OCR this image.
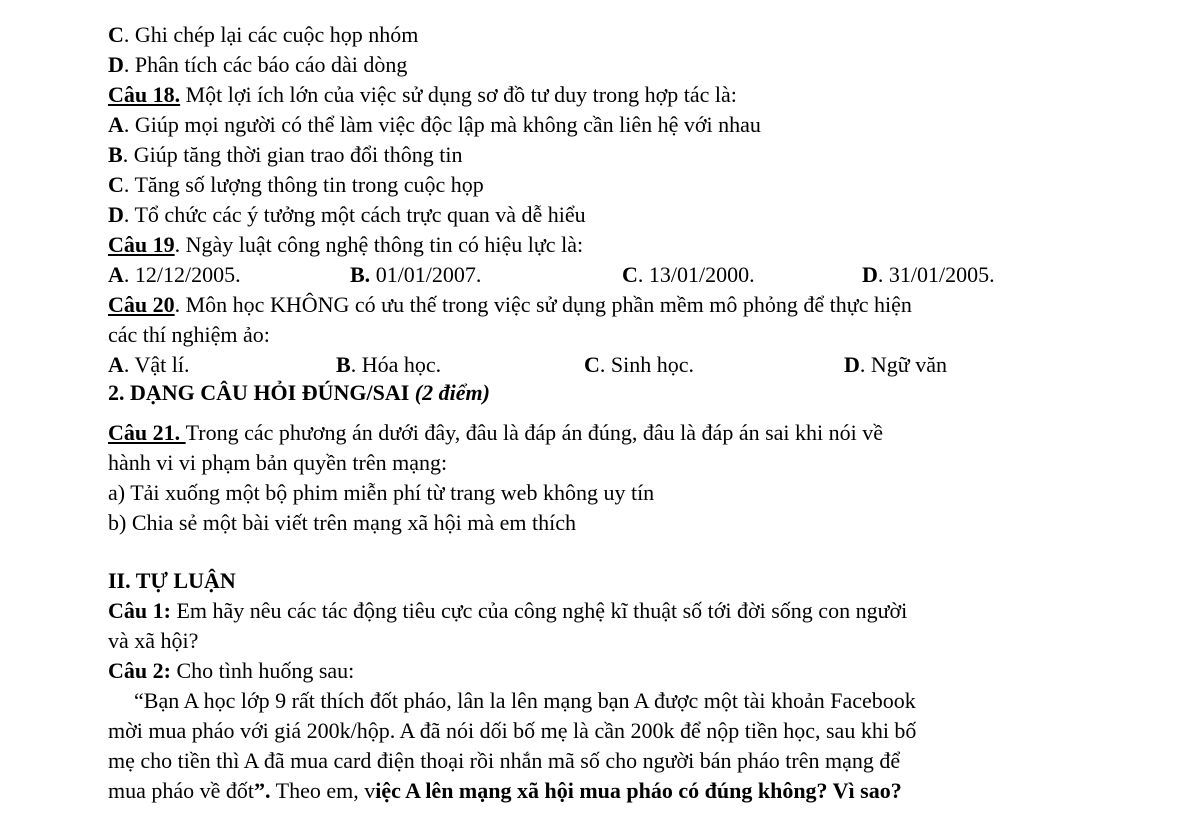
C. Ghi chép lại các cuộc họp nhóm
D. Phân tích các báo cáo dài dòng
Câu 18. Một lợi ích lớn của việc sử dụng sơ đồ tư duy trong hợp tác là:
A. Giúp mọi người có thể làm việc độc lập mà không cần liên hệ với nhau
B. Giúp tăng thời gian trao đổi thông tin
C. Tăng số lượng thông tin trong cuộc họp
D. Tổ chức các ý tưởng một cách trực quan và dễ hiểu
Câu 19. Ngày luật công nghệ thông tin có hiệu lực là:
A. 12/12/2005.	B. 01/01/2007.	C. 13/01/2000.	D. 31/01/2005.
Câu 20. Môn học KHÔNG có ưu thế trong việc sử dụng phần mềm mô phỏng để thực hiện
các thí nghiệm ảo:
A. Vật lí.	B. Hóa học.	C. Sinh học.	D. Ngữ văn
2. DẠNG CÂU HỎI ĐÚNG/SAI (2 điểm)
Câu 21. Trong các phương án dưới đây, đâu là đáp án đúng, đâu là đáp án sai khi nói về
hành vi vi phạm bản quyền trên mạng:
a) Tải xuống một bộ phim miễn phí từ trang web không uy tín
b) Chia sẻ một bài viết trên mạng xã hội mà em thích
II. TỰ LUẬN
Câu 1: Em hãy nêu các tác động tiêu cực của công nghệ kĩ thuật số tới đời sống con người
và xã hội?
Câu 2: Cho tình huống sau:
“Bạn A học lớp 9 rất thích đốt pháo, lân la lên mạng bạn A được một tài khoản Facebook
mời mua pháo với giá 200k/hộp. A đã nói dối bố mẹ là cần 200k để nộp tiền học, sau khi bố
mẹ cho tiền thì A đã mua card điện thoại rồi nhắn mã số cho người bán pháo trên mạng để
mua pháo về đốt”. Theo em, việc A lên mạng xã hội mua pháo có đúng không? Vì sao?
